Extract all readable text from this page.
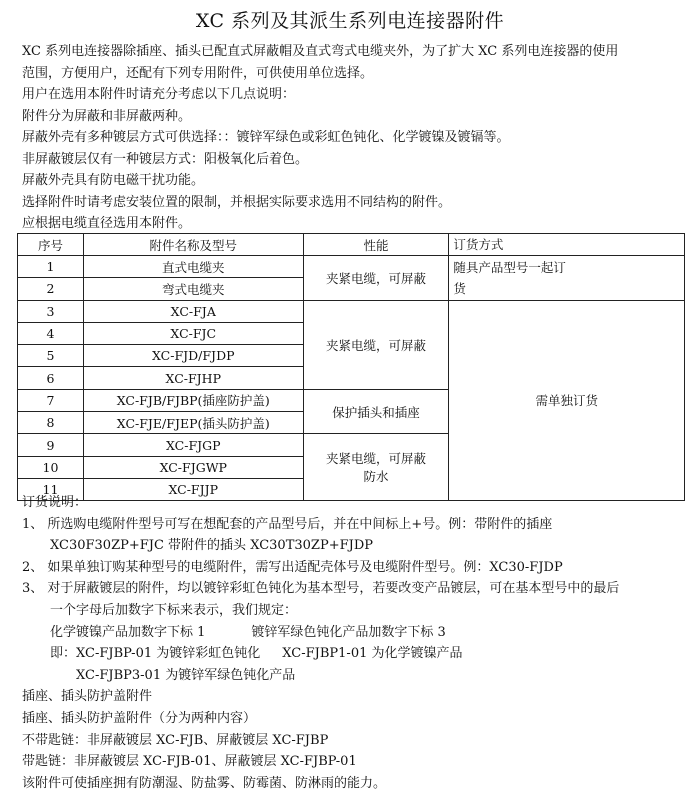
XC 系列及其派生系列电连接器附件
XC 系列电连接器除插座、插头已配直式屏蔽帽及直式弯式电缆夹外，为了扩大 XC 系列电连接器的使用
范围，方便用户，还配有下列专用附件，可供使用单位选择。
用户在选用本附件时请充分考虑以下几点说明：
附件分为屏蔽和非屏蔽两种。
屏蔽外壳有多种镀层方式可供选择：：镀锌军绿色或彩虹色钝化、化学镀镍及镀镉等。
非屏蔽镀层仅有一种镀层方式：阳极氧化后着色。
屏蔽外壳具有防电磁干扰功能。
选择附件时请考虑安装位置的限制，并根据实际要求选用不同结构的附件。
应根据电缆直径选用本附件。
序号	附件名称及型号	性能	订货方式
1	直式电缆夹	夹紧电缆，可屏蔽	随具产品型号一起订
货

2	弯式电缆夹		
3	XC-FJA	夹紧电缆，可屏蔽	需单独订货
4	XC-FJC		
5	XC-FJD/FJDP		
6	XC-FJHP		
7	XC-FJB/FJBP(插座防护盖)	保护插头和插座	
8	XC-FJE/FJEP(插头防护盖)		
9	XC-FJGP	夹紧电缆，可屏蔽
防水	

10	XC-FJGWP		
11	XC-FJJP		
订货说明：
1、 所选购电缆附件型号可写在想配套的产品型号后，并在中间标上+号。例：带附件的插座
XC30F30ZP+FJC 带附件的插头 XC30T30ZP+FJDP
2、 如果单独订购某种型号的电缆附件，需写出适配壳体号及电缆附件型号。例：XC30-FJDP
3、 对于屏蔽镀层的附件，均以镀锌彩虹色钝化为基本型号，若要改变产品镀层，可在基本型号中的最后
一个字母后加数字下标来表示，我们规定：
化学镀镍产品加数字下标 1	镀锌军绿色钝化产品加数字下标 3
即：XC-FJBP-01 为镀锌彩虹色钝化 XC-FJBP1-01 为化学镀镍产品
XC-FJBP3-01 为镀锌军绿色钝化产品
插座、插头防护盖附件
插座、插头防护盖附件（分为两种内容）
不带匙链：非屏蔽镀层 XC-FJB、屏蔽镀层 XC-FJBP
带匙链：非屏蔽镀层 XC-FJB-01、屏蔽镀层 XC-FJBP-01
该附件可使插座拥有防潮湿、防盐雾、防霉菌、防淋雨的能力。
